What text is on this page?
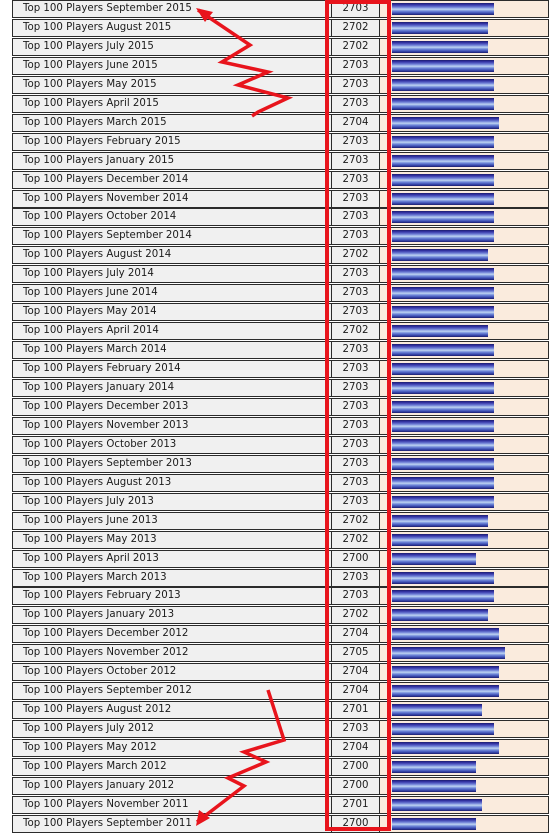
Top 100 Players September 2015	2703
Top 100 Players August 2015	2702
Top 100 Players July 2015	2702
Top 100 Players June 2015	2703
Top 100 Players May 2015	2703
Top 100 Players April 2015	2703
Top 100 Players March 2015	2704
Top 100 Players February 2015	2703
Top 100 Players January 2015	2703
Top 100 Players December 2014	2703
Top 100 Players November 2014	2703
Top 100 Players October 2014	2703
Top 100 Players September 2014	2703
Top 100 Players August 2014	2702
Top 100 Players July 2014	2703
Top 100 Players June 2014	2703
Top 100 Players May 2014	2703
Top 100 Players April 2014	2702
Top 100 Players March 2014	2703
Top 100 Players February 2014	2703
Top 100 Players January 2014	2703
Top 100 Players December 2013	2703
Top 100 Players November 2013	2703
Top 100 Players October 2013	2703
Top 100 Players September 2013	2703
Top 100 Players August 2013	2703
Top 100 Players July 2013	2703
Top 100 Players June 2013	2702
Top 100 Players May 2013	2702
Top 100 Players April 2013	2700
Top 100 Players March 2013	2703
Top 100 Players February 2013	2703
Top 100 Players January 2013	2702
Top 100 Players December 2012	2704
Top 100 Players November 2012	2705
Top 100 Players October 2012	2704
Top 100 Players September 2012	2704
Top 100 Players August 2012	2701
Top 100 Players July 2012	2703
Top 100 Players May 2012	2704
Top 100 Players March 2012	2700
Top 100 Players January 2012	2700
Top 100 Players November 2011	2701
Top 100 Players September 2011	2700
